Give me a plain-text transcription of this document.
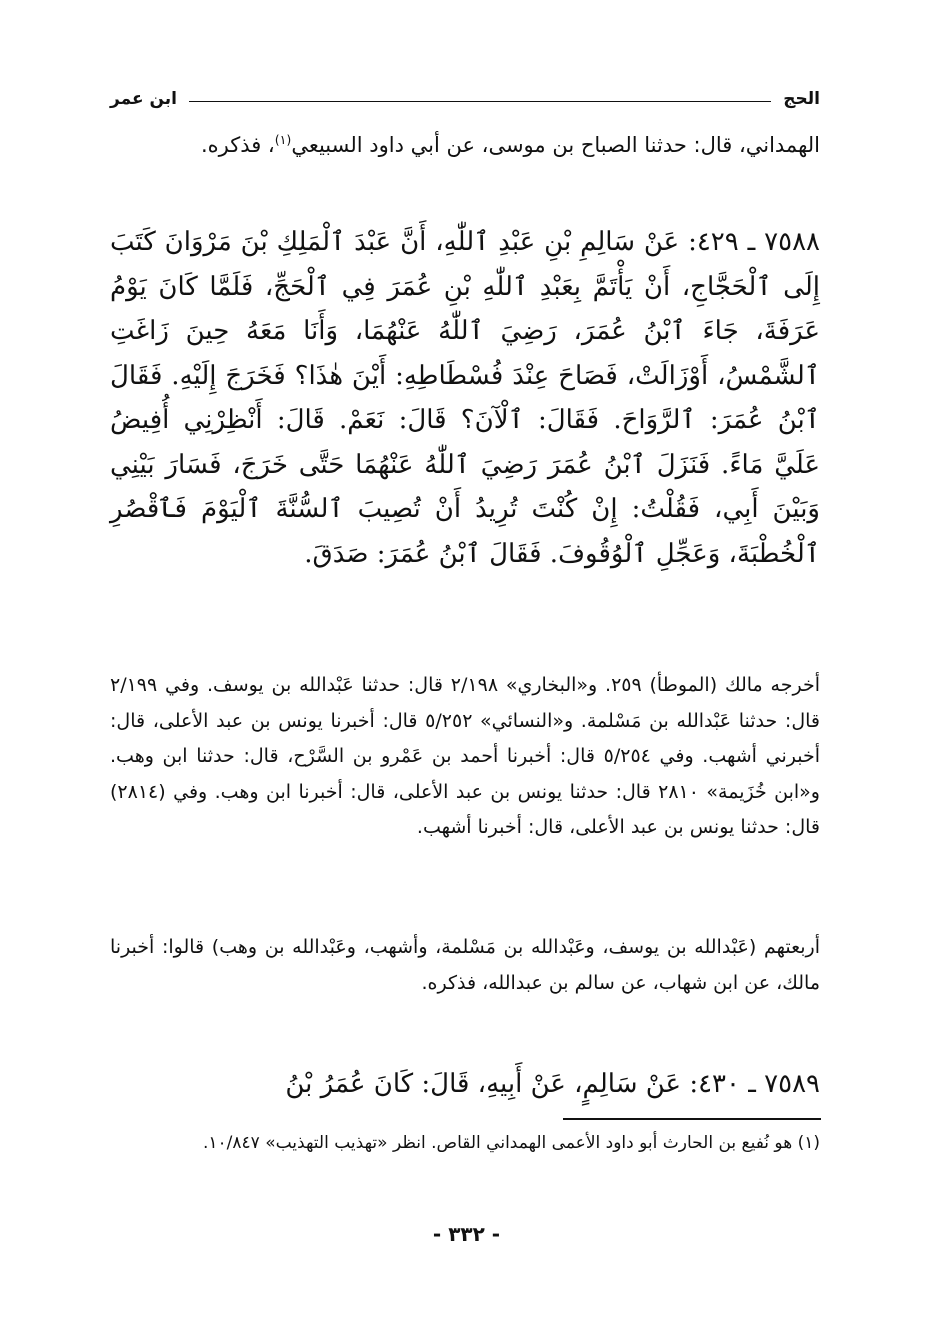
الحج
ابن عمر
الهمداني، قال: حدثنا الصباح بن موسى، عن أبي داود السبيعي$^{(١)}$، فذكره.
٧٥٨٨ ـ ٤٢٩: عَنْ سَالِمِ بْنِ عَبْدِ ٱللّٰهِ، أَنَّ عَبْدَ ٱلْمَلِكِ بْنَ مَرْوَانَ كَتَبَ إِلَى ٱلْحَجَّاجِ، أَنْ يَأْتَمَّ بِعَبْدِ ٱللّٰهِ بْنِ عُمَرَ فِي ٱلْحَجِّ، فَلَمَّا كَانَ يَوْمُ عَرَفَةَ، جَاءَ ٱبْنُ عُمَرَ، رَضِيَ ٱللّٰهُ عَنْهُمَا، وَأَنَا مَعَهُ حِينَ زَاغَتِ ٱلشَّمْسُ، أَوْزَالَتْ، فَصَاحَ عِنْدَ فُسْطَاطِهِ: أَيْنَ هٰذَا؟ فَخَرَجَ إِلَيْهِ. فَقَالَ ٱبْنُ عُمَرَ: ٱلرَّوَاحَ. فَقَالَ: ٱلْآنَ؟ قَالَ: نَعَمْ. قَالَ: أَنْظِرْنِي أُفِيضُ عَلَيَّ مَاءً. فَنَزَلَ ٱبْنُ عُمَرَ رَضِيَ ٱللّٰهُ عَنْهُمَا حَتَّى خَرَجَ، فَسَارَ بَيْنِي وَبَيْنَ أَبِي، فَقُلْتُ: إِنْ كُنْتَ تُرِيدُ أَنْ تُصِيبَ ٱلسُّنَّةَ ٱلْيَوْمَ فَٱقْصُرِ ٱلْخُطْبَةَ، وَعَجِّلِ ٱلْوُقُوفَ. فَقَالَ ٱبْنُ عُمَرَ: صَدَقَ.
أخرجه مالك (الموطأ) ٢٥٩. و«البخاري» ٢/١٩٨ قال: حدثنا عَبْدالله بن يوسف. وفي ٢/١٩٩ قال: حدثنا عَبْدالله بن مَسْلمة. و«النسائي» ٥/٢٥٢ قال: أخبرنا يونس بن عبد الأعلى، قال: أخبرني أشهب. وفي ٥/٢٥٤ قال: أخبرنا أحمد بن عَمْرو بن السَّرْح، قال: حدثنا ابن وهب. و«ابن خُزَيمة» ٢٨١٠ قال: حدثنا يونس بن عبد الأعلى، قال: أخبرنا ابن وهب. وفي (٢٨١٤) قال: حدثنا يونس بن عبد الأعلى، قال: أخبرنا أشهب.
أربعتهم (عَبْدالله بن يوسف، وعَبْدالله بن مَسْلمة، وأشهب، وعَبْدالله بن وهب) قالوا: أخبرنا مالك، عن ابن شهاب، عن سالم بن عبدالله، فذكره.
٧٥٨٩ ـ ٤٣٠: عَنْ سَالِمٍ، عَنْ أَبِيهِ، قَالَ: كَانَ عُمَرُ بْنُ
(١) هو نُفيع بن الحارث أبو داود الأعمى الهمداني القاص. انظر «تهذيب التهذيب» ١٠/٨٤٧.
- ٣٣٢ -
